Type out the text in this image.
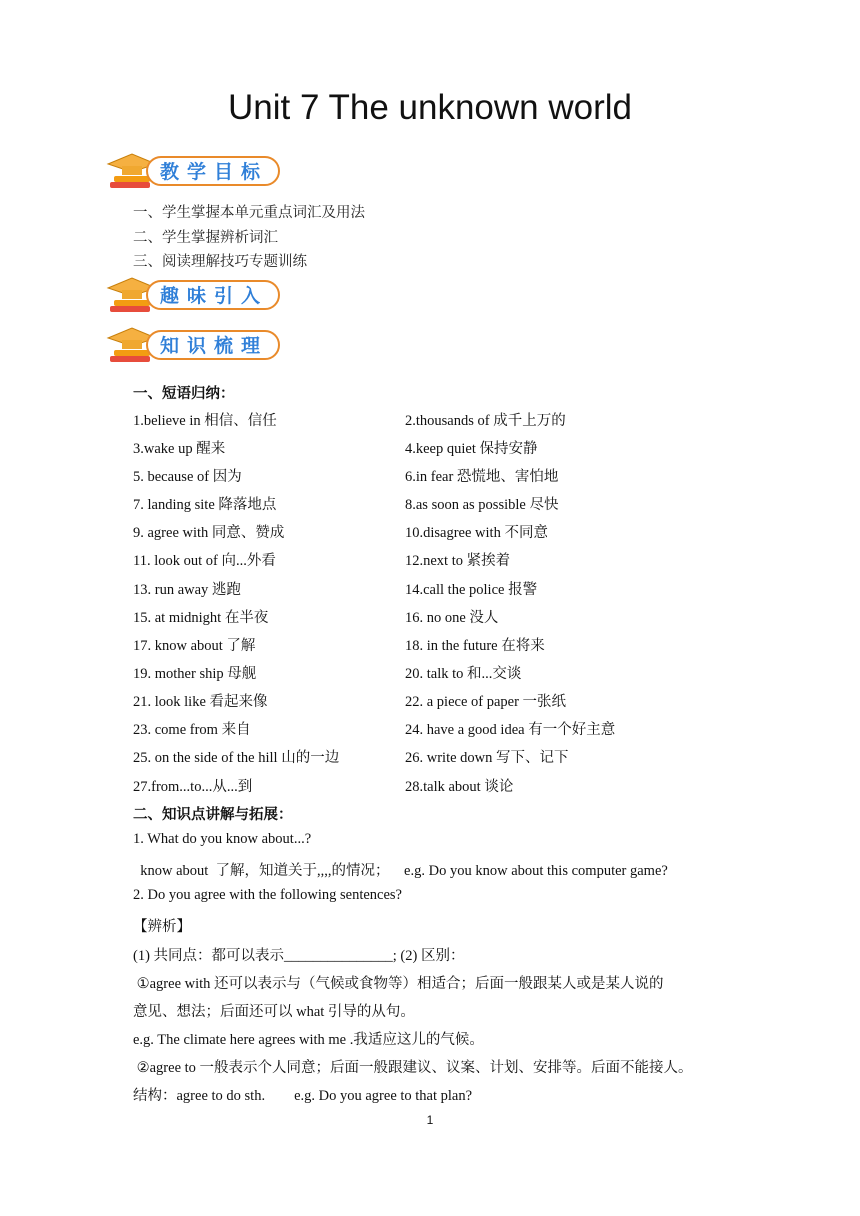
Unit 7 The unknown world
教学目标
一、学生掌握本单元重点词汇及用法
二、学生掌握辨析词汇
三、阅读理解技巧专题训练
趣味引入
知识梳理
一、短语归纳：
1.believe in 相信、信任
3.wake up 醒来
5. because of 因为
7. landing site 降落地点
9. agree with 同意、赞成
11. look out of 向...外看
13. run away 逃跑
15. at midnight 在半夜
17. know about 了解
19. mother ship 母舰
21. look like 看起来像
23. come from 来自
25. on the side of the hill 山的一边
27.from...to...从...到
2.thousands of 成千上万的
4.keep quiet 保持安静
6.in fear 恐慌地、害怕地
8.as soon as possible 尽快
10.disagree with 不同意
12.next to 紧挨着
14.call the police 报警
16. no one 没人
18. in the future 在将来
20. talk to 和...交谈
22. a piece of paper 一张纸
24. have a good idea 有一个好主意
26. write down 写下、记下
28.talk about 谈论
二、知识点讲解与拓展：
1. What do you know about...?
know about  了解，知道关于,,,,的情况；    e.g. Do you know about this computer game?
2. Do you agree with the following sentences?
【辨析】
(1) 共同点：都可以表示_______________; (2) 区别：
①agree with 还可以表示与（气候或食物等）相适合；后面一般跟某人或是某人说的
意见、想法；后面还可以 what 引导的从句。
e.g. The climate here agrees with me .我适应这儿的气候。
②agree to 一般表示个人同意；后面一般跟建议、议案、计划、安排等。后面不能接人。
结构：agree to do sth.        e.g. Do you agree to that plan?
1
